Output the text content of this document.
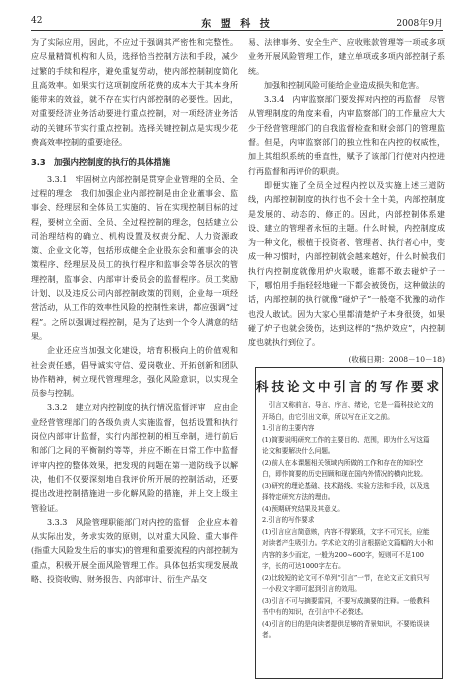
42	东 盟 科 技	2008年9月

为了实际应用，因此，不应过于强调其严密性和完整性。应尽量精简机构和人员，选择恰当控制方法和手段，减少过繁的手续和程序，避免重复劳动，使内部控制制度简化且高效率。如果实行这项制度所花费的成本大于其本身所能带来的效益，就不存在实行内部控制的必要性。因此，对重要经济业务活动要进行重点控制，对一项经济业务活动的关键环节实行重点控制。选择关键控制点是实现少花费高效率控制的重要途径。

3.3　加强内控制度的执行的具体措施

3.3.1　牢固树立内部控制是贯穿企业管理的全员、全过程的理念　我们加强企业内部控制是由企业董事会、监事会、经理层和全体员工实施的、旨在实现控制目标的过程，要树立全面、全员、全过程控制的理念，包括建立公司治理结构的确立、机构设置及权责分配、人力资源政策、企业文化等，包括形成健全企业股东会和董事会的决策程序、经理层及员工的执行程序和监事会等各层次的管理控制，监事会、内部审计委员会的监督程序。员工奖励计划、以及违反公司内部控制政策的罚则，企业每一项经营活动，从工作的效率性风险的控制性来讲，都应强调“过程”。之所以强调过程控制，是为了达到一个令人满意的结果。

企业还应当加强文化建设，培育积极向上的价值观和社会责任感，倡导诚实守信、爱岗敬业、开拓创新和团队协作精神，树立现代管理理念，强化风险意识，以实现全员参与控制。

3.3.2　建立对内控制度的执行情况监督评审　应由企业经营管理部门的各级负责人实施监督，包括设置和执行岗位内部审计监督，实行内部控制的相互牵制，进行前后和部门之间的平衡制约等等，并应不断在日常工作中监督评审内控的整体效果，把发现的问题在第一道防线予以解决，他们不仅要深刻地自我评价所开展的控制活动，还要提出改进控制措施进一步化解风险的措施，并上交上级主管验证。

3.3.3　风险管理职能部门对内控的监督　企业应本着从实际出发，务求实效的原则，以对重大风险、重大事件(指重大风险发生后的事实)的管理和重要流程的内部控制为重点，积极开展全面风险管理工作。具体包括实现发展战略、投资收购、财务报告、内部审计、衍生产品交

易、法律事务、安全生产、应收账款管理等一项或多项业务开展风险管理工作，建立单项或多项内部控制子系统。

加强和控制风险可能给企业造成损失和危害。

3.3.4　内审监察部门要发挥对内控的再监督　尽管从管理制度的角度来看，内审监察部门的工作量应大大少于经营管理部门的自我监督检查和财会部门的管理监督。但是，内审监察部门的独立性和在内控的权威性，加上其组织系统的垂直性，赋予了该部门行使对内控进行再监督和再评价的职责。

即便实施了全员全过程内控以及实施上述三道防线，内部控制制度的执行也不会十全十美，内部控制度是发展的、动态的、修正的。因此，内部控制体系建设、建立的管理者永恒的主题。什么时候，内控制度成为一种文化，根植于投资者、管理者、执行者心中，变成一种习惯时，内部控制就会越来越好，什么时候我们执行内控制度就像用炉火取暖，谁都不敢去碰炉子一下，哪怕用手指轻轻地碰一下都会被烫伤，这种做法的话，内部控制的执行就像“碰炉子”一般毫不犹豫的动作也没人敢试。因为大家心里都清楚炉子本身很烫，如果碰了炉子也就会烫伤，达到这样的“热炉效应”，内控制度也就执行到位了。

(收稿日期：2008－10－18)
科技论文中引言的写作要求

引言又称前言、导言、序言、绪论，它是一篇科技论文的开场白，由它引出文章，所以写在正文之前。

1.引言的主要内容

(1)简要说明研究工作的主要目的、范围，即为什么写这篇论文和要解决什么问题。

(2)前人在本课题相关领域内所做的工作和存在的知识空白，即作简要的历史回顾和现在国内外情况的横向比较。

(3)研究的理论基础、技术路线、实验方法和手段，以及选择特定研究方法的理由。

(4)预期研究结果及其意义。

2.引言的写作要求

(1)引言应言简意赅，内容不得繁琐，文字不可冗长，应能对读者产生吸引力。学术论文的引言根据论文篇幅的大小和内容的多少而定，一般为200~600字，短则可不足100字，长的可达1000字左右。

(2)比较短的论文可不单列“引言”一节，在论文正文前只写一小段文字即可起到引言的效用。

(3)引言不可与摘要雷同，不要写成摘要的注释。一般教科书中有的知识，在引言中不必赘述。

(4)引言的目的是向读者提供足够的背景知识，不要贻误读者。
